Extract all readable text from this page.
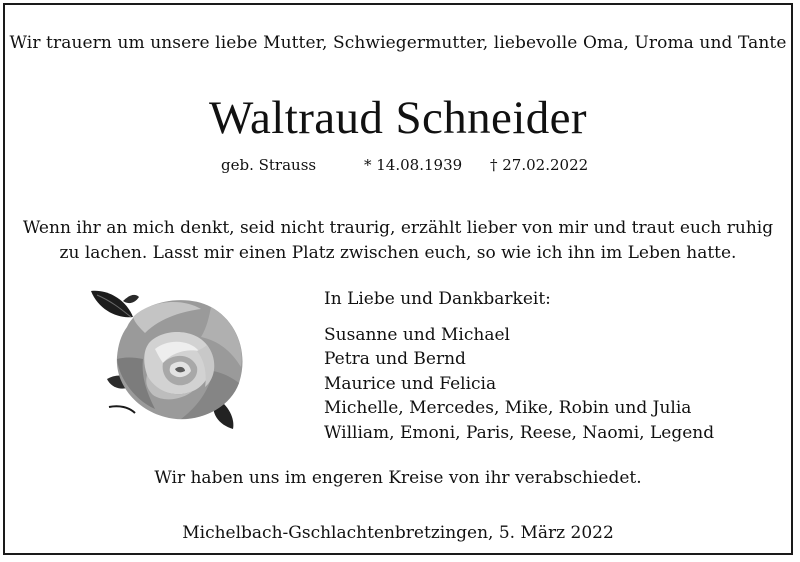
Wir trauern um unsere liebe Mutter, Schwiegermutter, liebevolle Oma, Uroma und Tante
Waltraud Schneider
geb. Strauss	* 14.08.1939 † 27.02.2022
Wenn ihr an mich denkt, seid nicht traurig, erzählt lieber von mir und traut euch ruhig
zu lachen. Lasst mir einen Platz zwischen euch, so wie ich ihn im Leben hatte.
In Liebe und Dankbarkeit:
Susanne und Michael
Petra und Bernd
Maurice und Felicia
Michelle, Mercedes, Mike, Robin und Julia
William, Emoni, Paris, Reese, Naomi, Legend
Wir haben uns im engeren Kreise von ihr verabschiedet.
Michelbach-Gschlachtenbretzingen, 5. März 2022
